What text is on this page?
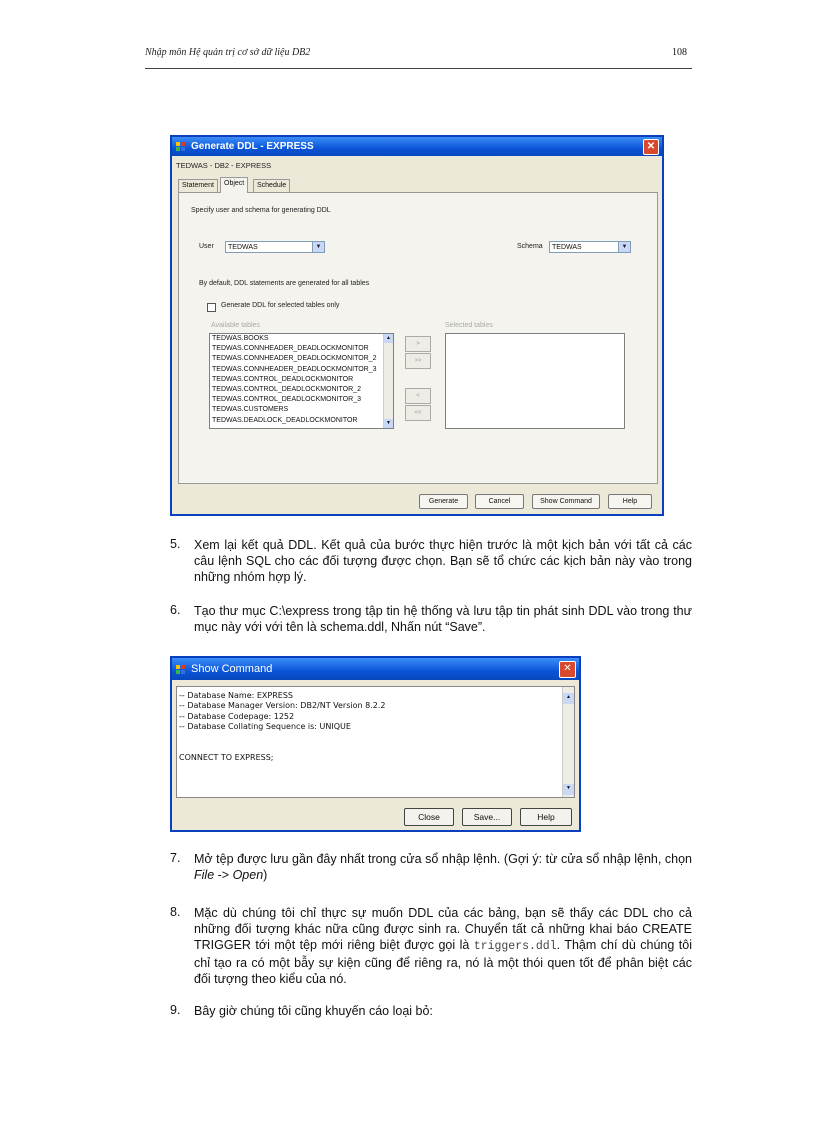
Nhập môn Hệ quản trị cơ sở dữ liệu DB2	108
Generate DDL - EXPRESS	✕
TEDWAS - DB2 - EXPRESS
Statement	Object	Schedule
Specify user and schema for generating DDL
User	TEDWAS	▼	Schema	TEDWAS	▼
By default, DDL statements are generated for all tables
Generate DDL for selected tables only
Available tables	Selected tables
TEDWAS.BOOKS
TEDWAS.CONNHEADER_DEADLOCKMONITOR
TEDWAS.CONNHEADER_DEADLOCKMONITOR_2
TEDWAS.CONNHEADER_DEADLOCKMONITOR_3
TEDWAS.CONTROL_DEADLOCKMONITOR
TEDWAS.CONTROL_DEADLOCKMONITOR_2
TEDWAS.CONTROL_DEADLOCKMONITOR_3
TEDWAS.CUSTOMERS
TEDWAS.DEADLOCK_DEADLOCKMONITOR
▲
▼
>
>>
<
<<
Generate	Cancel	Show Command	Help
5. Xem lại kết quả DDL. Kết quả của bước thực hiện trước là một kịch bản với tất cả các câu lệnh SQL cho các đối tượng được chọn. Bạn sẽ tổ chức các kịch bản này vào trong những nhóm hợp lý.
6. Tạo thư mục C:\express trong tập tin hệ thống và lưu tập tin phát sinh DDL vào trong thư mục này với với tên là schema.ddl, Nhấn nút “Save”.
Show Command	✕
-- Database Name: EXPRESS
-- Database Manager Version: DB2/NT Version 8.2.2
-- Database Codepage: 1252
-- Database Collating Sequence is: UNIQUE
CONNECT TO EXPRESS;
▲
▼
Close	Save...	Help
7. Mở tệp được lưu gần đây nhất trong cửa sổ nhập lệnh. (Gợi ý: từ cửa sổ nhập lệnh, chọn File -> Open)
8. Mặc dù chúng tôi chỉ thực sự muốn DDL của các bảng, bạn sẽ thấy các DDL cho cả những đối tượng khác nữa cũng được sinh ra. Chuyển tất cả những khai báo CREATE TRIGGER tới một tệp mới riêng biệt được gọi là triggers.ddl. Thậm chí dù chúng tôi chỉ tạo ra có một bẫy sự kiện cũng để riêng ra, nó là một thói quen tốt để phân biệt các đối tượng theo kiểu của nó.
9. Bây giờ chúng tôi cũng khuyến cáo loại bỏ:
